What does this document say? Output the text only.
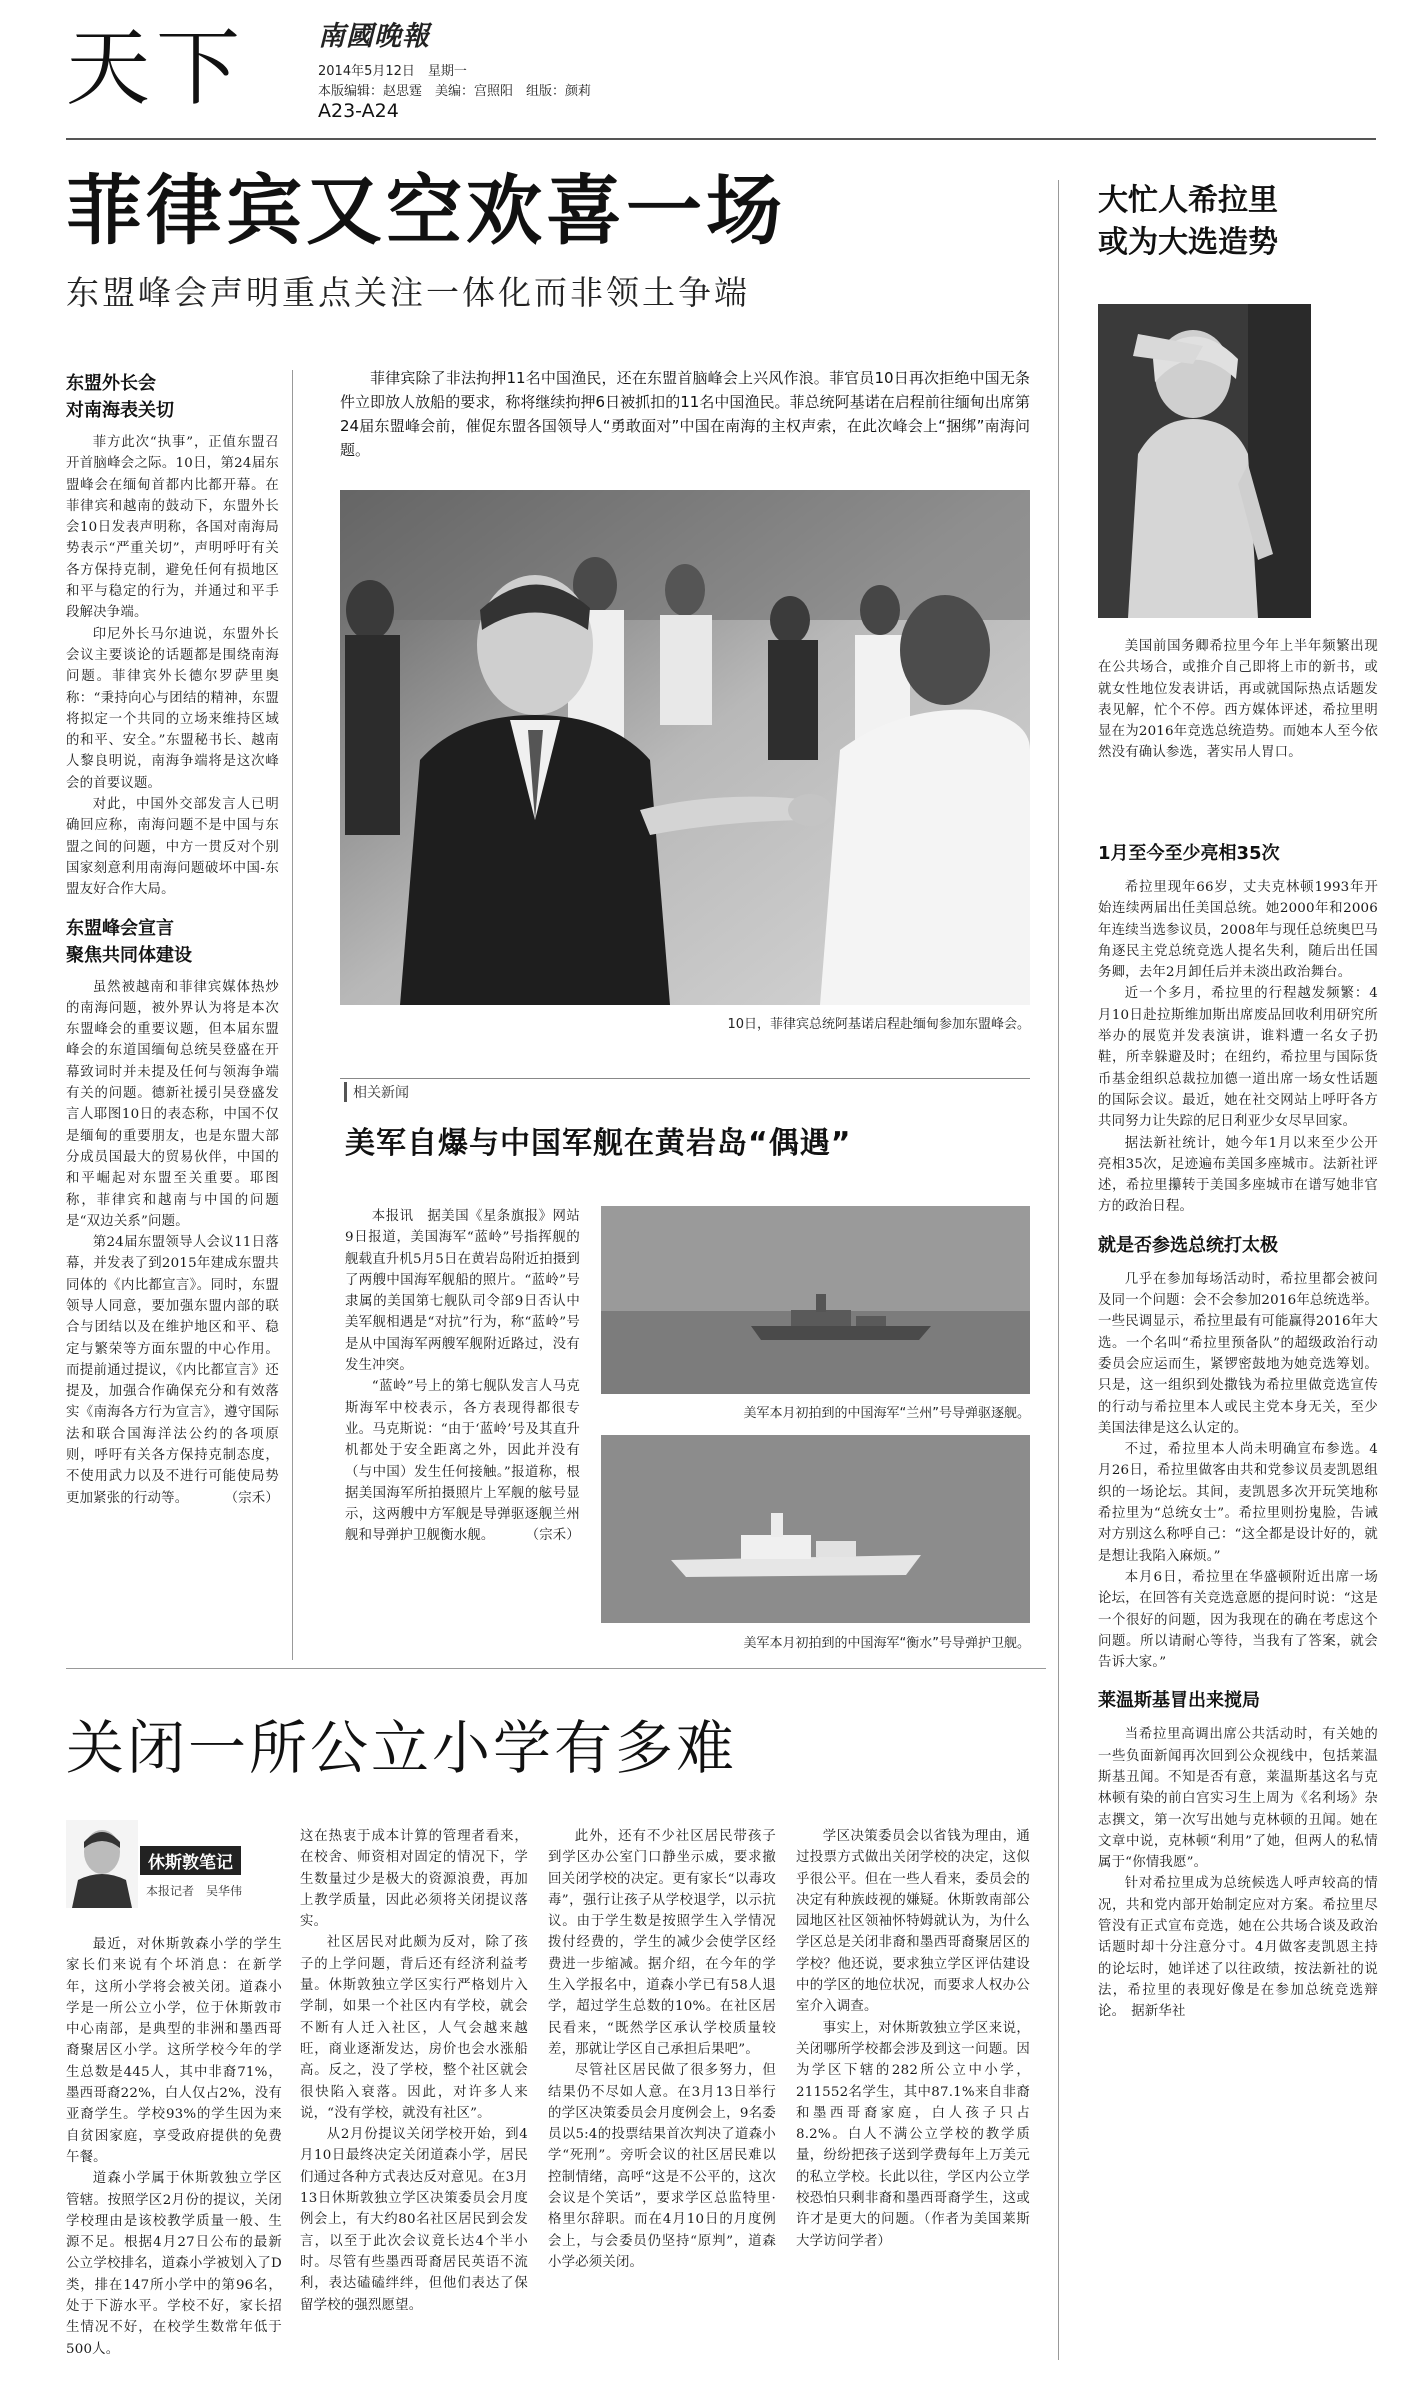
天下	南國晚報
2014年5月12日　星期一
本版编辑：赵思霆　美编：宫照阳　组版：颜莉
A23-A24
菲律宾又空欢喜一场
东盟峰会声明重点关注一体化而非领土争端
东盟外长会
对南海表关切

菲方此次“执事”，正值东盟召开首脑峰会之际。10日，第24届东盟峰会在缅甸首都内比都开幕。在菲律宾和越南的鼓动下，东盟外长会10日发表声明称，各国对南海局势表示“严重关切”，声明呼吁有关各方保持克制，避免任何有损地区和平与稳定的行为，并通过和平手段解决争端。

印尼外长马尔迪说，东盟外长会议主要谈论的话题都是围绕南海问题。菲律宾外长德尔罗萨里奥称：“秉持向心与团结的精神，东盟将拟定一个共同的立场来维持区域的和平、安全。”东盟秘书长、越南人黎良明说，南海争端将是这次峰会的首要议题。

对此，中国外交部发言人已明确回应称，南海问题不是中国与东盟之间的问题，中方一贯反对个别国家刻意利用南海问题破坏中国-东盟友好合作大局。

东盟峰会宣言
聚焦共同体建设

虽然被越南和菲律宾媒体热炒的南海问题，被外界认为将是本次东盟峰会的重要议题，但本届东盟峰会的东道国缅甸总统吴登盛在开幕致词时并未提及任何与领海争端有关的问题。德新社援引吴登盛发言人耶图10日的表态称，中国不仅是缅甸的重要朋友，也是东盟大部分成员国最大的贸易伙伴，中国的和平崛起对东盟至关重要。耶图称，菲律宾和越南与中国的问题是“双边关系”问题。

第24届东盟领导人会议11日落幕，并发表了到2015年建成东盟共同体的《内比都宣言》。同时，东盟领导人同意，要加强东盟内部的联合与团结以及在维护地区和平、稳定与繁荣等方面东盟的中心作用。而提前通过提议，《内比都宣言》还提及，加强合作确保充分和有效落实《南海各方行为宣言》，遵守国际法和联合国海洋法公约的各项原则，呼吁有关各方保持克制态度，不使用武力以及不进行可能使局势更加紧张的行动等。	（宗禾）

菲律宾除了非法拘押11名中国渔民，还在东盟首脑峰会上兴风作浪。菲官员10日再次拒绝中国无条件立即放人放船的要求，称将继续拘押6日被抓扣的11名中国渔民。菲总统阿基诺在启程前往缅甸出席第24届东盟峰会前，催促东盟各国领导人“勇敢面对”中国在南海的主权声索，在此次峰会上“捆绑”南海问题。
10日，菲律宾总统阿基诺启程赴缅甸参加东盟峰会。
相关新闻
美军自爆与中国军舰在黄岩岛“偶遇”

本报讯　据美国《星条旗报》网站9日报道，美国海军“蓝岭”号指挥舰的舰载直升机5月5日在黄岩岛附近拍摄到了两艘中国海军舰船的照片。“蓝岭”号隶属的美国第七舰队司令部9日否认中美军舰相遇是“对抗”行为，称“蓝岭”号是从中国海军两艘军舰附近路过，没有发生冲突。

“蓝岭”号上的第七舰队发言人马克斯海军中校表示，各方表现得都很专业。马克斯说：“由于‘蓝岭’号及其直升机都处于安全距离之外，因此并没有（与中国）发生任何接触。”报道称，根据美国海军所拍摄照片上军舰的舷号显示，这两艘中方军舰是导弹驱逐舰兰州舰和导弹护卫舰衡水舰。	（宗禾）

美军本月初拍到的中国海军“兰州”号导弹驱逐舰。
美军本月初拍到的中国海军“衡水”号导弹护卫舰。
大忙人希拉里
或为大选造势
美国前国务卿希拉里今年上半年频繁出现在公共场合，或推介自己即将上市的新书，或就女性地位发表讲话，再或就国际热点话题发表见解，忙个不停。西方媒体评述，希拉里明显在为2016年竞选总统造势。而她本人至今依然没有确认参选，著实吊人胃口。
1月至今至少亮相35次

希拉里现年66岁，丈夫克林顿1993年开始连续两届出任美国总统。她2000年和2006年连续当选参议员，2008年与现任总统奥巴马角逐民主党总统竞选人提名失利，随后出任国务卿，去年2月卸任后并未淡出政治舞台。

近一个多月，希拉里的行程越发频繁：4月10日赴拉斯维加斯出席废品回收利用研究所举办的展览并发表演讲，谁料遭一名女子扔鞋，所幸躲避及时；在纽约，希拉里与国际货币基金组织总裁拉加德一道出席一场女性话题的国际会议。最近，她在社交网站上呼吁各方共同努力让失踪的尼日利亚少女尽早回家。

据法新社统计，她今年1月以来至少公开亮相35次，足迹遍布美国多座城市。法新社评述，希拉里攥转于美国多座城市在谱写她非官方的政治日程。

就是否参选总统打太极

几乎在参加每场活动时，希拉里都会被问及同一个问题：会不会参加2016年总统选举。一些民调显示，希拉里最有可能赢得2016年大选。一个名叫“希拉里预备队”的超级政治行动委员会应运而生，紧锣密鼓地为她竞选筹划。只是，这一组织到处撒钱为希拉里做竞选宣传的行动与希拉里本人或民主党本身无关，至少美国法律是这么认定的。

不过，希拉里本人尚未明确宣布参选。4月26日，希拉里做客由共和党参议员麦凯恩组织的一场论坛。其间，麦凯恩多次开玩笑地称希拉里为“总统女士”。希拉里则扮鬼脸，告诫对方别这么称呼自己：“这全都是设计好的，就是想让我陷入麻烦。”

本月6日，希拉里在华盛顿附近出席一场论坛，在回答有关竞选意愿的提问时说：“这是一个很好的问题，因为我现在的确在考虑这个问题。所以请耐心等待，当我有了答案，就会告诉大家。”

莱温斯基冒出来搅局

当希拉里高调出席公共活动时，有关她的一些负面新闻再次回到公众视线中，包括莱温斯基丑闻。不知是否有意，莱温斯基这名与克林顿有染的前白宫实习生上周为《名利场》杂志撰文，第一次写出她与克林顿的丑闻。她在文章中说，克林顿“利用”了她，但两人的私情属于“你情我愿”。

针对希拉里成为总统候选人呼声较高的情况，共和党内部开始制定应对方案。希拉里尽管没有正式宣布竞选，她在公共场合谈及政治话题时却十分注意分寸。4月做客麦凯恩主持的论坛时，她详述了以往政绩，按法新社的说法，希拉里的表现好像是在参加总统竞选辩论。 据新华社

关闭一所公立小学有多难
休斯敦笔记
本报记者　吴华伟

最近，对休斯敦森小学的学生家长们来说有个坏消息：在新学年，这所小学将会被关闭。道森小学是一所公立小学，位于休斯敦市中心南部，是典型的非洲和墨西哥裔聚居区小学。这所学校今年的学生总数是445人，其中非裔71%，墨西哥裔22%，白人仅占2%，没有亚裔学生。学校93%的学生因为来自贫困家庭，享受政府提供的免费午餐。

道森小学属于休斯敦独立学区管辖。按照学区2月份的提议，关闭学校理由是该校教学质量一般、生源不足。根据4月27日公布的最新公立学校排名，道森小学被划入了D类，排在147所小学中的第96名，处于下游水平。学校不好，家长招生情况不好，在校学生数常年低于500人。

这在热衷于成本计算的管理者看来，在校舍、师资相对固定的情况下，学生数量过少是极大的资源浪费，再加上教学质量，因此必须将关闭提议落实。

社区居民对此颇为反对，除了孩子的上学问题，背后还有经济利益考量。休斯敦独立学区实行严格划片入学制，如果一个社区内有学校，就会不断有人迁入社区，人气会越来越旺，商业逐渐发达，房价也会水涨船高。反之，没了学校，整个社区就会很快陷入衰落。因此，对许多人来说，“没有学校，就没有社区”。

从2月份提议关闭学校开始，到4月10日最终决定关闭道森小学，居民们通过各种方式表达反对意见。在3月13日休斯敦独立学区决策委员会月度例会上，有大约80名社区居民到会发言，以至于此次会议竟长达4个半小时。尽管有些墨西哥裔居民英语不流利，表达磕磕绊绊，但他们表达了保留学校的强烈愿望。

此外，还有不少社区居民带孩子到学区办公室门口静坐示威，要求撤回关闭学校的决定。更有家长“以毒攻毒”，强行让孩子从学校退学，以示抗议。由于学生数是按照学生入学情况拨付经费的，学生的减少会使学区经费进一步缩减。据介绍，在今年的学生入学报名中，道森小学已有58人退学，超过学生总数的10%。在社区居民看来，“既然学区承认学校质量较差，那就让学区自己承担后果吧”。

尽管社区居民做了很多努力，但结果仍不尽如人意。在3月13日举行的学区决策委员会月度例会上，9名委员以5:4的投票结果首次判决了道森小学“死刑”。旁听会议的社区居民难以控制情绪，高呼“这是不公平的，这次会议是个笑话”，要求学区总监特里·格里尔辞职。而在4月10日的月度例会上，与会委员仍坚持“原判”，道森小学必须关闭。

学区决策委员会以省钱为理由，通过投票方式做出关闭学校的决定，这似乎很公平。但在一些人看来，委员会的决定有种族歧视的嫌疑。休斯敦南部公园地区社区领袖怀特姆就认为，为什么学区总是关闭非裔和墨西哥裔聚居区的学校？他还说，要求独立学区评估建设中的学区的地位状况，而要求人权办公室介入调查。

事实上，对休斯敦独立学区来说，关闭哪所学校都会涉及到这一问题。因为学区下辖的282所公立中小学，211552名学生，其中87.1%来自非裔和墨西哥裔家庭，白人孩子只占8.2%。白人不满公立学校的教学质量，纷纷把孩子送到学费每年上万美元的私立学校。长此以往，学区内公立学校恐怕只剩非裔和墨西哥裔学生，这或许才是更大的问题。（作者为美国莱斯大学访问学者）
